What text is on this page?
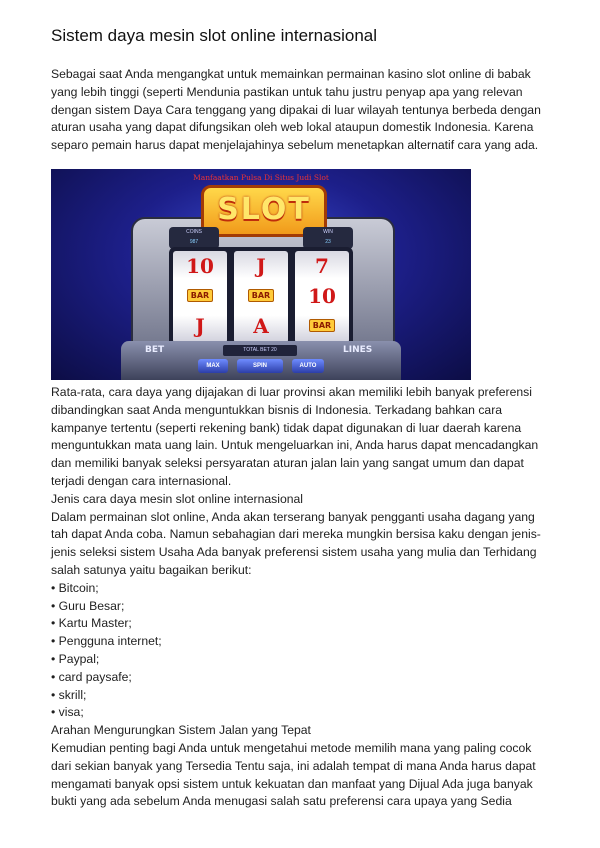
Sistem daya mesin slot online internasional

Sebagai saat Anda mengangkat untuk memainkan permainan kasino slot online di babak yang lebih tinggi (seperti Mendunia pastikan untuk tahu justru penyap apa yang relevan dengan sistem Daya Cara tenggang yang dipakai di luar wilayah tentunya berbeda dengan aturan usaha yang dapat difungsikan oleh web lokal ataupun domestik Indonesia. Karena separo pemain harus dapat menjelajahinya sebelum menetapkan alternatif cara yang ada.

Manfaatkan Pulsa Di Situs Judi Slot
SLOT
COINS
987
WIN
23
10
BAR
J
J
BAR
A
7
10
BAR
BET	TOTAL BET 20	LINES
MAX	SPIN	AUTO

Rata-rata, cara daya yang dijajakan di luar provinsi akan memiliki lebih banyak preferensi dibandingkan saat Anda menguntukkan bisnis di Indonesia. Terkadang bahkan cara kampanye tertentu (seperti rekening bank) tidak dapat digunakan di luar daerah karena menguntukkan mata uang lain. Untuk mengeluarkan ini, Anda harus dapat mencadangkan dan memiliki banyak seleksi persyaratan aturan jalan lain yang sangat umum dan dapat terjadi dengan cara internasional.

Jenis cara daya mesin slot online internasional

Dalam permainan slot online, Anda akan terserang banyak pengganti usaha dagang yang tah dapat Anda coba. Namun sebahagian dari mereka mungkin bersisa kaku dengan jenis-jenis seleksi sistem Usaha Ada banyak preferensi sistem usaha yang mulia dan Terhidang salah satunya yaitu bagaikan berikut:

• Bitcoin;
• Guru Besar;
• Kartu Master;
• Pengguna internet;
• Paypal;
• card paysafe;
• skrill;
• visa;

Arahan Mengurungkan Sistem Jalan yang Tepat

Kemudian penting bagi Anda untuk mengetahui metode memilih mana yang paling cocok dari sekian banyak yang Tersedia Tentu saja, ini adalah tempat di mana Anda harus dapat mengamati banyak opsi sistem untuk kekuatan dan manfaat yang Dijual Ada juga banyak bukti yang ada sebelum Anda menugasi salah satu preferensi cara upaya yang Sedia
